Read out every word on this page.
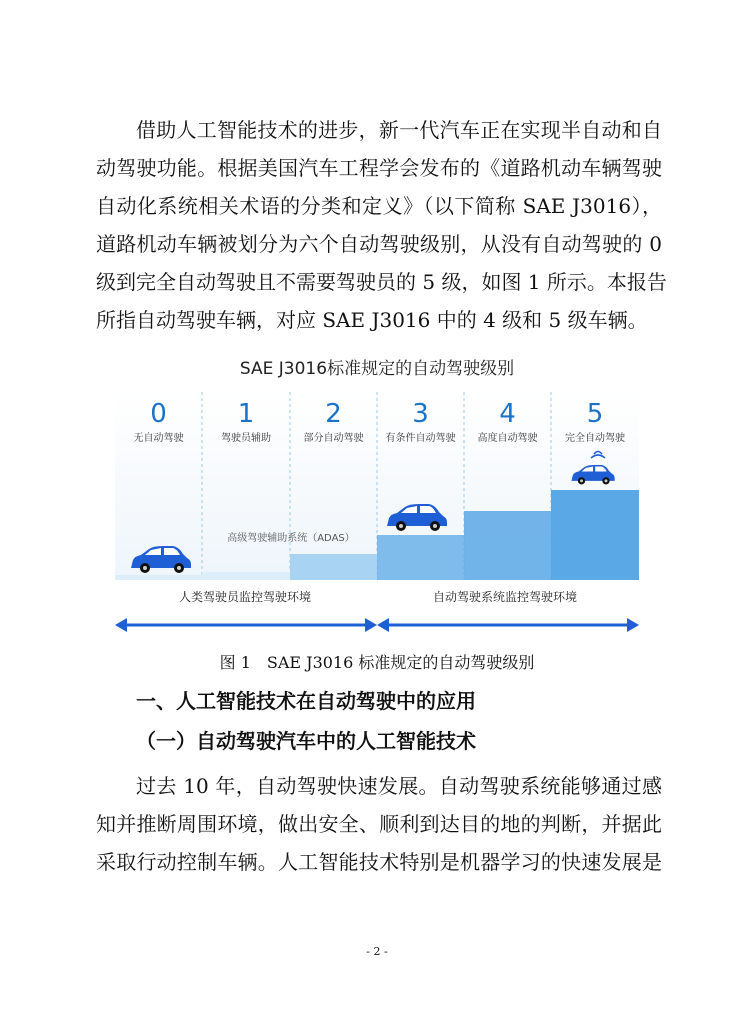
借助人工智能技术的进步，新一代汽车正在实现半自动和自
动驾驶功能。根据美国汽车工程学会发布的《道路机动车辆驾驶
自动化系统相关术语的分类和定义》（以下简称 SAE J3016），
道路机动车辆被划分为六个自动驾驶级别，从没有自动驾驶的 0
级到完全自动驾驶且不需要驾驶员的 5 级，如图 1 所示。本报告
所指自动驾驶车辆，对应 SAE J3016 中的 4 级和 5 级车辆。
SAE J3016标准规定的自动驾驶级别
0	1	2	3	4	5
无自动驾驶	驾驶员辅助	部分自动驾驶 有条件自动驾驶 高度自动驾驶	完全自动驾驶
高级驾驶辅助系统（ADAS）
人类驾驶员监控驾驶环境	自动驾驶系统监控驾驶环境
图 1　SAE J3016 标准规定的自动驾驶级别
一、人工智能技术在自动驾驶中的应用
（一）自动驾驶汽车中的人工智能技术
过去 10 年，自动驾驶快速发展。自动驾驶系统能够通过感
知并推断周围环境，做出安全、顺利到达目的地的判断，并据此
采取行动控制车辆。人工智能技术特别是机器学习的快速发展是
- 2 -
